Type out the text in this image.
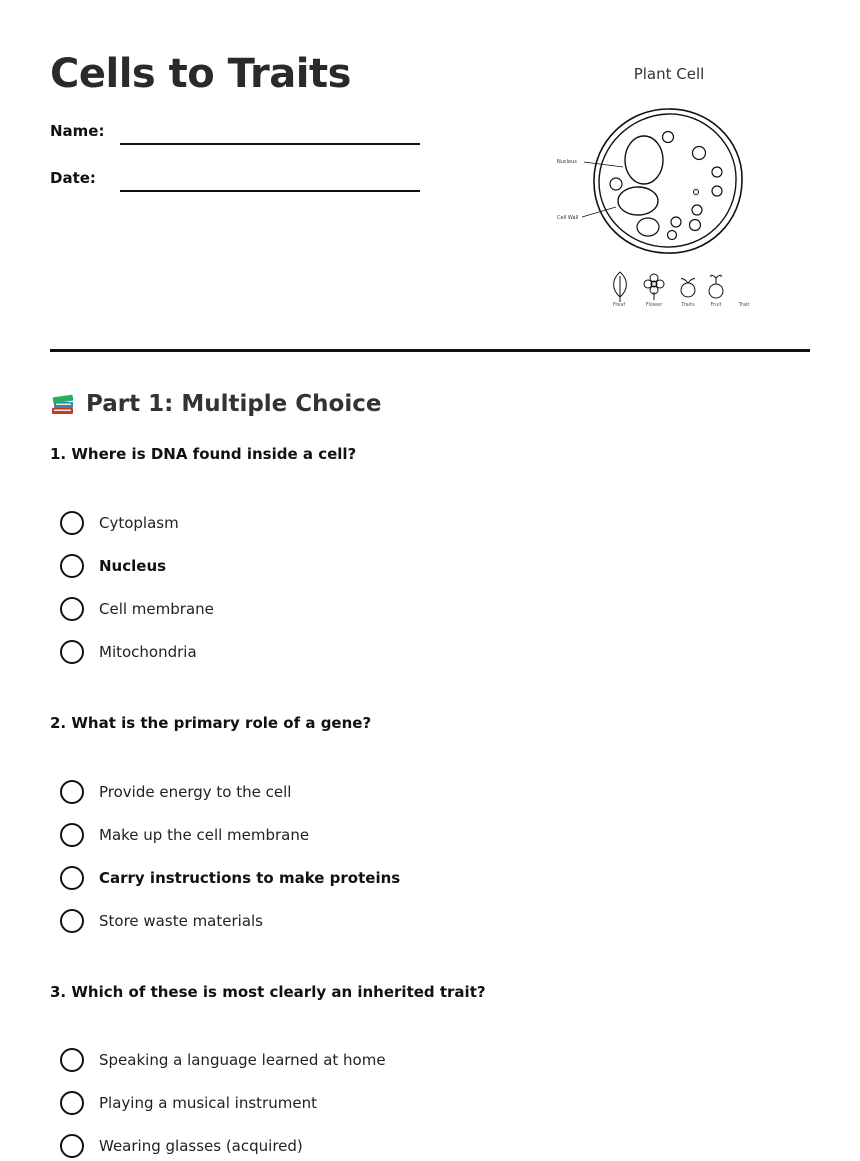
Cells to Traits
Name:
Date:
Plant Cell
Nucleus
Cell Wall
Freaf	Flower	Traits	Fruit	Trait
Part 1: Multiple Choice
1. Where is DNA found inside a cell?
Cytoplasm
Nucleus
Cell membrane
Mitochondria
2. What is the primary role of a gene?
Provide energy to the cell
Make up the cell membrane
Carry instructions to make proteins
Store waste materials
3. Which of these is most clearly an inherited trait?
Speaking a language learned at home
Playing a musical instrument
Wearing glasses (acquired)
